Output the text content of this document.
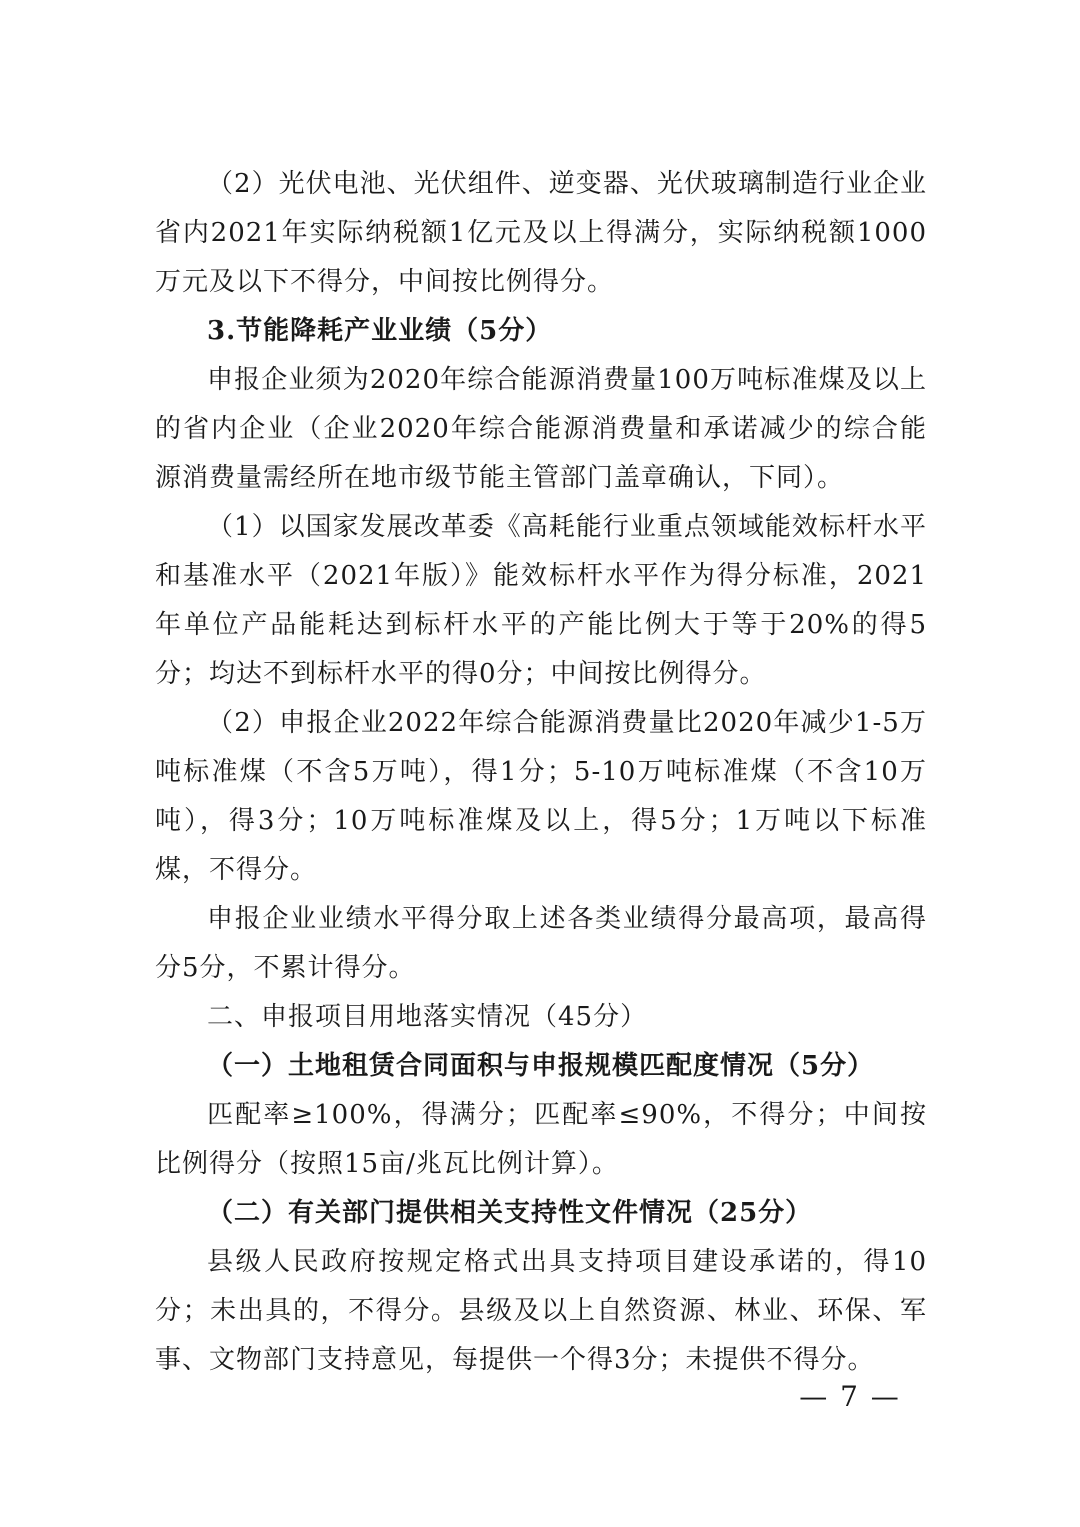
（2）光伏电池、光伏组件、逆变器、光伏玻璃制造行业企业省内2021年实际纳税额1亿元及以上得满分，实际纳税额1000万元及以下不得分，中间按比例得分。

3.节能降耗产业业绩（5分）

申报企业须为2020年综合能源消费量100万吨标准煤及以上的省内企业（企业2020年综合能源消费量和承诺减少的综合能源消费量需经所在地市级节能主管部门盖章确认，下同）。

（1）以国家发展改革委《高耗能行业重点领域能效标杆水平和基准水平（2021年版）》能效标杆水平作为得分标准，2021年单位产品能耗达到标杆水平的产能比例大于等于20%的得5分；均达不到标杆水平的得0分；中间按比例得分。

（2）申报企业2022年综合能源消费量比2020年减少1-5万吨标准煤（不含5万吨），得1分；5-10万吨标准煤（不含10万吨），得3分；10万吨标准煤及以上，得5分；1万吨以下标准煤，不得分。

申报企业业绩水平得分取上述各类业绩得分最高项，最高得分5分，不累计得分。

二、申报项目用地落实情况（45分）

（一）土地租赁合同面积与申报规模匹配度情况（5分）

匹配率≥100%，得满分；匹配率≤90%，不得分；中间按比例得分（按照15亩/兆瓦比例计算）。

（二）有关部门提供相关支持性文件情况（25分）

县级人民政府按规定格式出具支持项目建设承诺的，得10分；未出具的，不得分。县级及以上自然资源、林业、环保、军事、文物部门支持意见，每提供一个得3分；未提供不得分。

— 7 —
